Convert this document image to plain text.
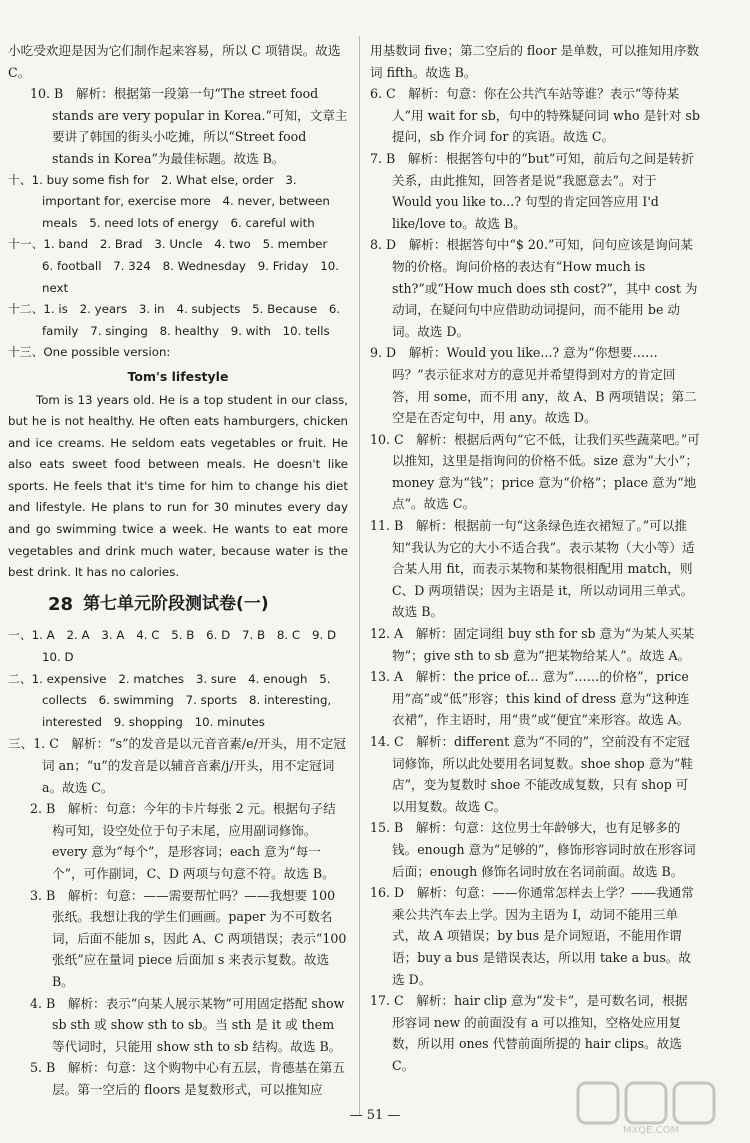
小吃受欢迎是因为它们制作起来容易，所以 C 项错误。故选 C。
10. B　解析：根据第一段第一句“The street food stands are very popular in Korea.”可知，文章主要讲了韩国的街头小吃摊，所以“Street food stands in Korea”为最佳标题。故选 B。
十、1. buy some fish for　2. What else, order　3. important for, exercise more　4. never, between meals　5. need lots of energy　6. careful with
十一、1. band　2. Brad　3. Uncle　4. two　5. member　6. football　7. 324　8. Wednesday　9. Friday　10. next
十二、1. is　2. years　3. in　4. subjects　5. Because　6. family　7. singing　8. healthy　9. with　10. tells
十三、One possible version:
Tom's lifestyle
Tom is 13 years old. He is a top student in our class, but he is not healthy. He often eats hamburgers, chicken and ice creams. He seldom eats vegetables or fruit. He also eats sweet food between meals. He doesn't like sports. He feels that it's time for him to change his diet and lifestyle. He plans to run for 30 minutes every day and go swimming twice a week. He wants to eat more vegetables and drink much water, because water is the best drink. It has no calories.
28 第七单元阶段测试卷(一)
一、1. A　2. A　3. A　4. C　5. B　6. D　7. B　8. C　9. D　10. D
二、1. expensive　2. matches　3. sure　4. enough　5. collects　6. swimming　7. sports　8. interesting, interested　9. shopping　10. minutes
三、1. C　解析：“s”的发音是以元音音素/e/开头，用不定冠词 an；“u”的发音是以辅音音素/j/开头，用不定冠词 a。故选 C。
2. B　解析：句意：今年的卡片每张 2 元。根据句子结构可知，设空处位于句子末尾，应用副词修饰。every 意为“每个”，是形容词；each 意为“每一个”，可作副词，C、D 两项与句意不符。故选 B。
3. B　解析：句意：——需要帮忙吗？——我想要 100 张纸。我想让我的学生们画画。paper 为不可数名词，后面不能加 s，因此 A、C 两项错误；表示“100 张纸”应在量词 piece 后面加 s 来表示复数。故选 B。
4. B　解析：表示“向某人展示某物”可用固定搭配 show sb sth 或 show sth to sb。当 sth 是 it 或 them 等代词时，只能用 show sth to sb 结构。故选 B。
5. B　解析：句意：这个购物中心有五层，肯德基在第五层。第一空后的 floors 是复数形式，可以推知应
用基数词 five；第二空后的 floor 是单数，可以推知用序数词 fifth。故选 B。
6. C　解析：句意：你在公共汽车站等谁？表示“等待某人”用 wait for sb，句中的特殊疑问词 who 是针对 sb 提问，sb 作介词 for 的宾语。故选 C。
7. B　解析：根据答句中的“but”可知，前后句之间是转折关系，由此推知，回答者是说“我愿意去”。对于 Would you like to...? 句型的肯定回答应用 I'd like/love to。故选 B。
8. D　解析：根据答句中“$ 20.”可知，问句应该是询问某物的价格。询问价格的表达有“How much is sth?”或“How much does sth cost?”，其中 cost 为动词，在疑问句中应借助动词提问，而不能用 be 动词。故选 D。
9. D　解析：Would you like...? 意为“你想要……吗？”表示征求对方的意见并希望得到对方的肯定回答，用 some，而不用 any，故 A、B 两项错误；第二空是在否定句中，用 any。故选 D。
10. C　解析：根据后两句“它不低，让我们买些蔬菜吧。”可以推知，这里是指询问的价格不低。size 意为“大小”；money 意为“钱”；price 意为“价格”；place 意为“地点”。故选 C。
11. B　解析：根据前一句“这条绿色连衣裙短了。”可以推知“我认为它的大小不适合我”。表示某物（大小等）适合某人用 fit，而表示某物和某物很相配用 match，则 C、D 两项错误；因为主语是 it，所以动词用三单式。故选 B。
12. A　解析：固定词组 buy sth for sb 意为“为某人买某物”；give sth to sb 意为“把某物给某人”。故选 A。
13. A　解析：the price of... 意为“……的价格”，price 用“高”或“低”形容；this kind of dress 意为“这种连衣裙”，作主语时，用“贵”或“便宜”来形容。故选 A。
14. C　解析：different 意为“不同的”，空前没有不定冠词修饰，所以此处要用名词复数。shoe shop 意为“鞋店”，变为复数时 shoe 不能改成复数，只有 shop 可以用复数。故选 C。
15. B　解析：句意：这位男士年龄够大，也有足够多的钱。enough 意为“足够的”，修饰形容词时放在形容词后面；enough 修饰名词时放在名词前面。故选 B。
16. D　解析：句意：——你通常怎样去上学？——我通常乘公共汽车去上学。因为主语为 I，动词不能用三单式，故 A 项错误；by bus 是介词短语，不能用作谓语；buy a bus 是错误表达，所以用 take a bus。故选 D。
17. C　解析：hair clip 意为“发卡”，是可数名词，根据形容词 new 的前面没有 a 可以推知，空格处应用复数，所以用 ones 代替前面所提的 hair clips。故选 C。
— 51 —
MXQE.COM
